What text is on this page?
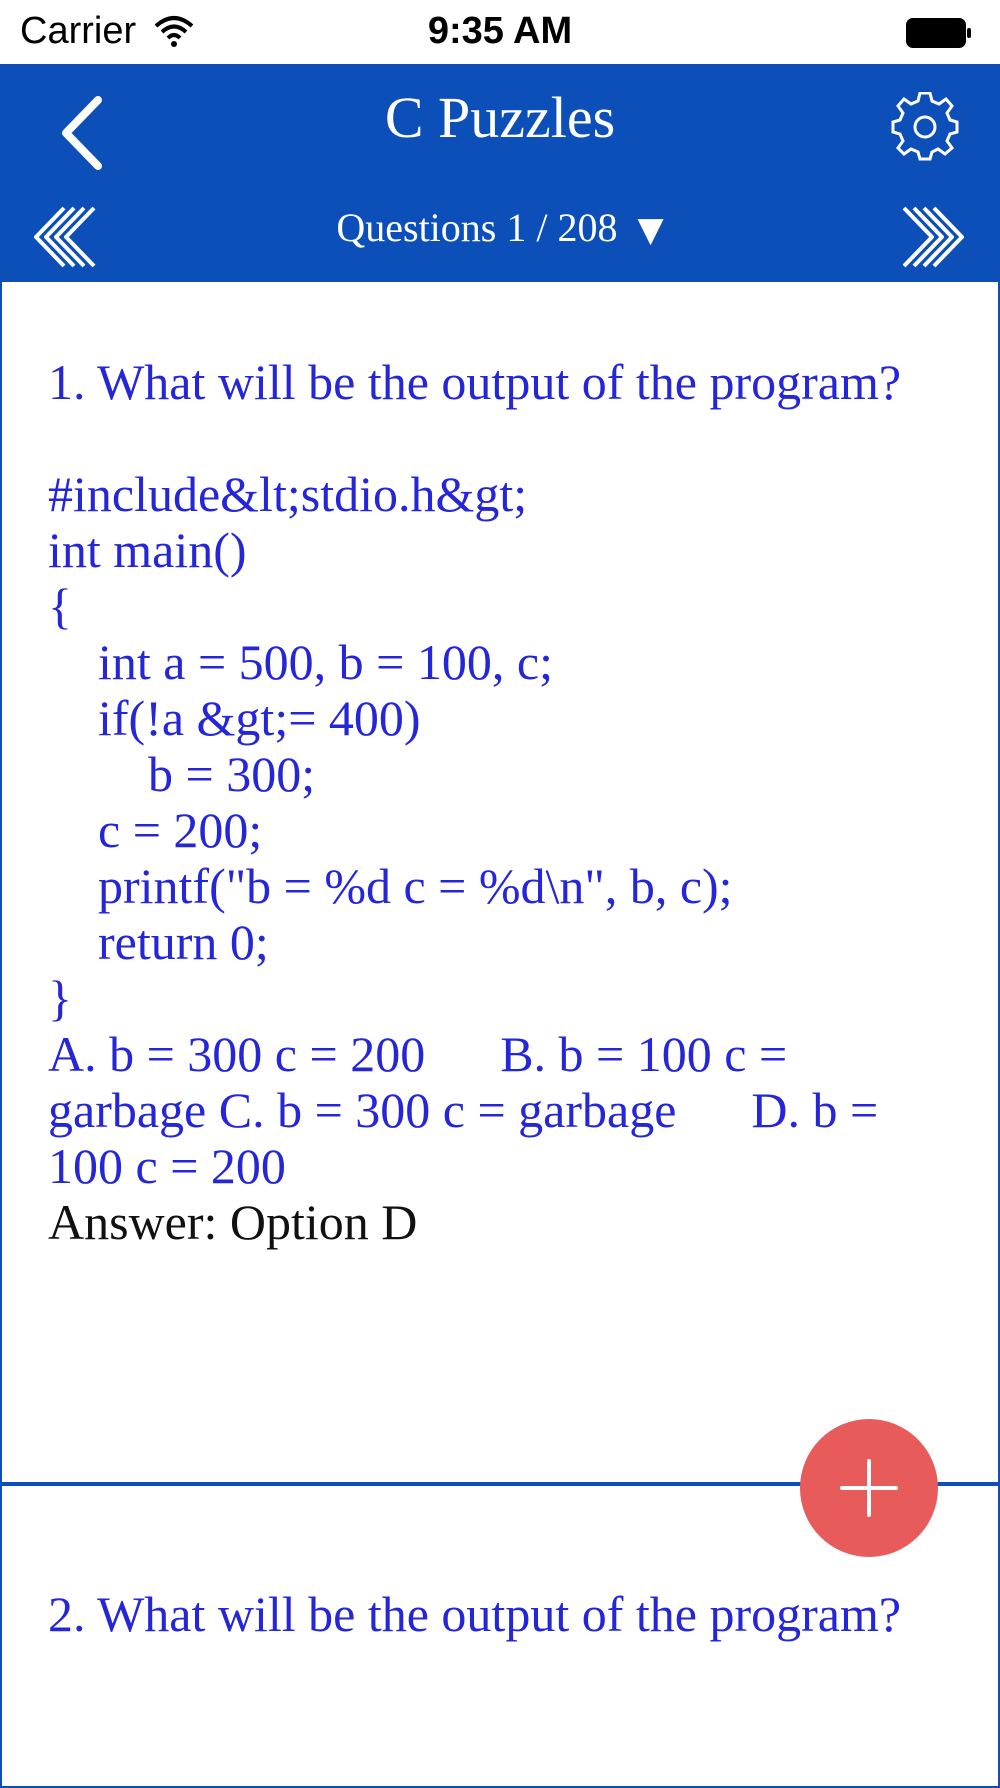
Carrier	9:35 AM
C Puzzles
Questions 1 / 208 ▼
1. What will be the output of the program?
#include&lt;stdio.h&gt;
int main()
{
int a = 500, b = 100, c;
if(!a &gt;= 400)
b = 300;
c = 200;
printf("b = %d c = %d\n", b, c);
return 0;
}
A. b = 300 c = 200 B. b = 100 c = garbage C. b = 300 c = garbage D. b = 100 c = 200
Answer: Option D
2. What will be the output of the program?
